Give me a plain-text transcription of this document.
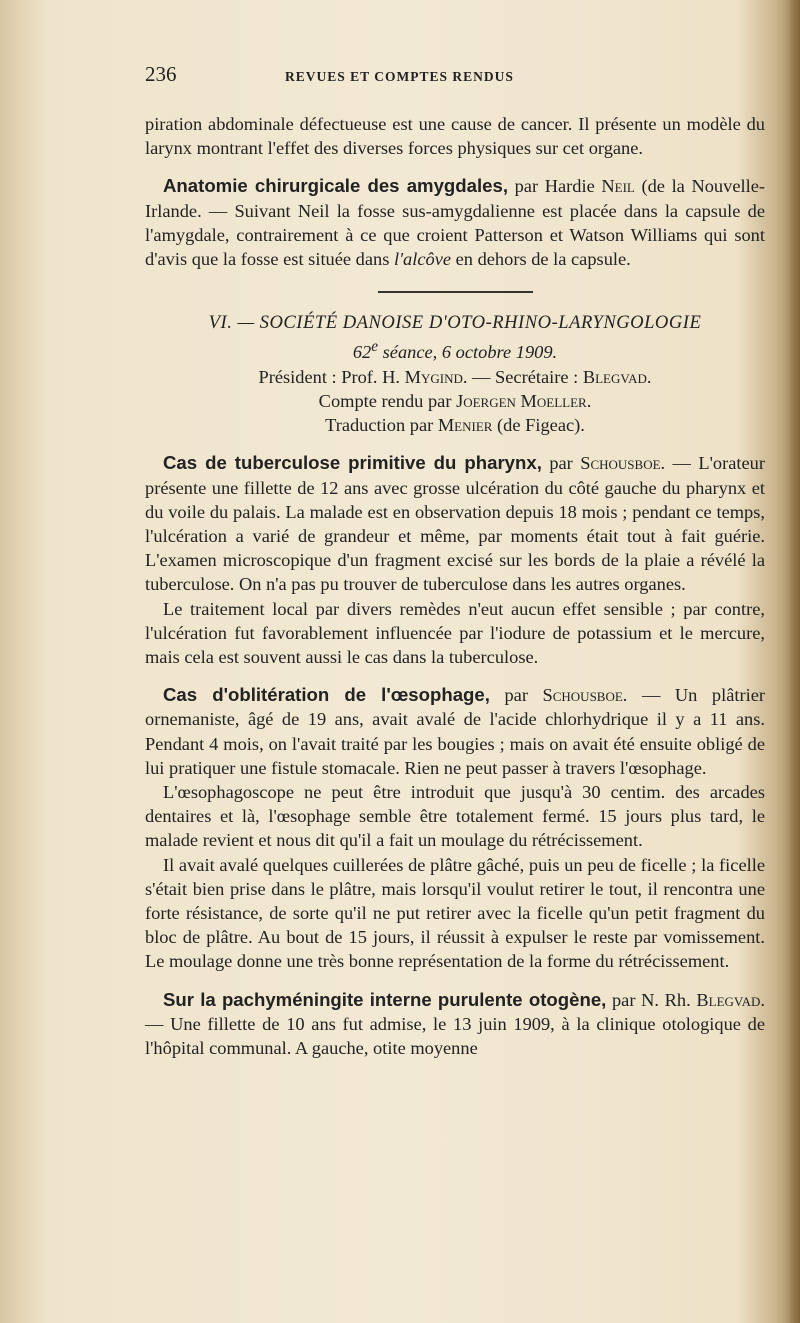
236	REVUES ET COMPTES RENDUS

piration abdominale défectueuse est une cause de cancer. Il présente un modèle du larynx montrant l'effet des diverses forces physiques sur cet organe.

Anatomie chirurgicale des amygdales, par Hardie Neil (de la Nouvelle-Irlande. — Suivant Neil la fosse sus-amygdalienne est placée dans la capsule de l'amygdale, contrairement à ce que croient Patterson et Watson Williams qui sont d'avis que la fosse est située dans l'alcôve en dehors de la capsule.

VI. — SOCIÉTÉ DANOISE D'OTO-RHINO-LARYNGOLOGIE

62e séance, 6 octobre 1909.

Président : Prof. H. Mygind. — Secrétaire : Blegvad.

Compte rendu par Joergen Moeller.

Traduction par Menier (de Figeac).

Cas de tuberculose primitive du pharynx, par Schousboe. — L'orateur présente une fillette de 12 ans avec grosse ulcération du côté gauche du pharynx et du voile du palais. La malade est en observation depuis 18 mois ; pendant ce temps, l'ulcération a varié de grandeur et même, par moments était tout à fait guérie. L'examen microscopique d'un fragment excisé sur les bords de la plaie a révélé la tuberculose. On n'a pas pu trouver de tuberculose dans les autres organes.

Le traitement local par divers remèdes n'eut aucun effet sensible ; par contre, l'ulcération fut favorablement influencée par l'iodure de potassium et le mercure, mais cela est souvent aussi le cas dans la tuberculose.

Cas d'oblitération de l'œsophage, par Schousboe. — Un plâtrier ornemaniste, âgé de 19 ans, avait avalé de l'acide chlorhydrique il y a 11 ans. Pendant 4 mois, on l'avait traité par les bougies ; mais on avait été ensuite obligé de lui pratiquer une fistule stomacale. Rien ne peut passer à travers l'œsophage.

L'œsophagoscope ne peut être introduit que jusqu'à 30 centim. des arcades dentaires et là, l'œsophage semble être totalement fermé. 15 jours plus tard, le malade revient et nous dit qu'il a fait un moulage du rétrécissement.

Il avait avalé quelques cuillerées de plâtre gâché, puis un peu de ficelle ; la ficelle s'était bien prise dans le plâtre, mais lorsqu'il voulut retirer le tout, il rencontra une forte résistance, de sorte qu'il ne put retirer avec la ficelle qu'un petit fragment du bloc de plâtre. Au bout de 15 jours, il réussit à expulser le reste par vomissement. Le moulage donne une très bonne représentation de la forme du rétrécissement.

Sur la pachyméningite interne purulente otogène, par N. Rh. Blegvad. — Une fillette de 10 ans fut admise, le 13 juin 1909, à la clinique otologique de l'hôpital communal. A gauche, otite moyenne
